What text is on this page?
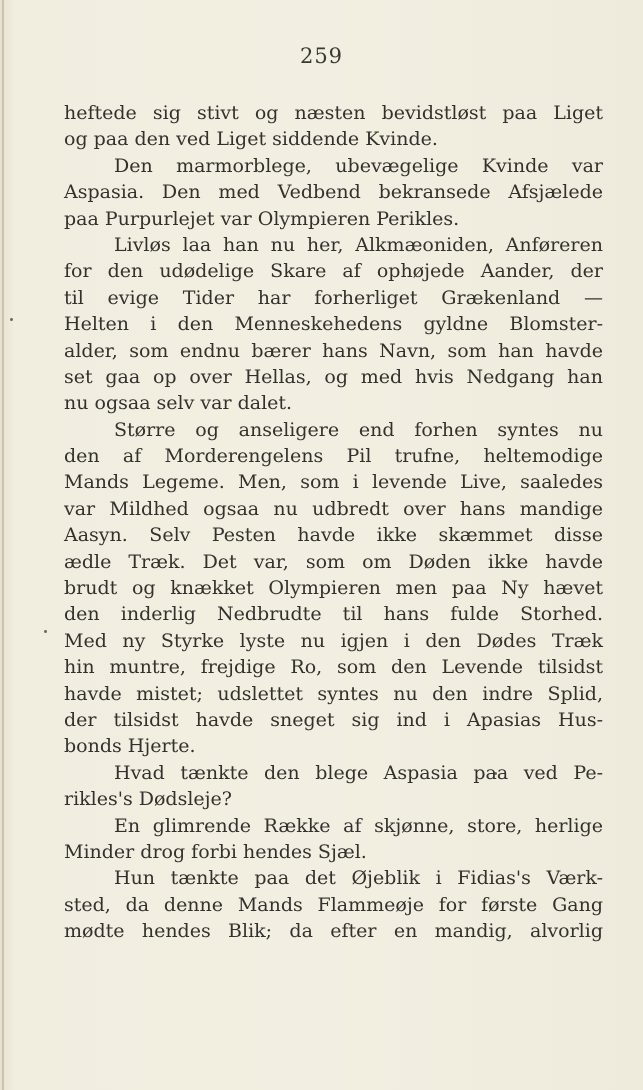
259
heftede sig stivt og næsten bevidstløst paa Liget
og paa den ved Liget siddende Kvinde.
Den marmorblege, ubevægelige Kvinde var
Aspasia. Den med Vedbend bekransede Afsjælede
paa Purpurlejet var Olympieren Perikles.
Livløs laa han nu her, Alkmæoniden, Anføreren
for den udødelige Skare af ophøjede Aander, der
til evige Tider har forherliget Grækenland —
Helten i den Menneskehedens gyldne Blomster-
alder, som endnu bærer hans Navn, som han havde
set gaa op over Hellas, og med hvis Nedgang han
nu ogsaa selv var dalet.
Større og anseligere end forhen syntes nu
den af Morderengelens Pil trufne, heltemodige
Mands Legeme. Men, som i levende Live, saaledes
var Mildhed ogsaa nu udbredt over hans mandige
Aasyn. Selv Pesten havde ikke skæmmet disse
ædle Træk. Det var, som om Døden ikke havde
brudt og knækket Olympieren men paa Ny hævet
den inderlig Nedbrudte til hans fulde Storhed.
Med ny Styrke lyste nu igjen i den Dødes Træk
hin muntre, frejdige Ro, som den Levende tilsidst
havde mistet; udslettet syntes nu den indre Splid,
der tilsidst havde sneget sig ind i Apasias Hus-
bonds Hjerte.
Hvad tænkte den blege Aspasia paa ved Pe-
rikles's Dødsleje?
En glimrende Række af skjønne, store, herlige
Minder drog forbi hendes Sjæl.
Hun tænkte paa det Øjeblik i Fidias's Værk-
sted, da denne Mands Flammeøje for første Gang
mødte hendes Blik; da efter en mandig, alvorlig
